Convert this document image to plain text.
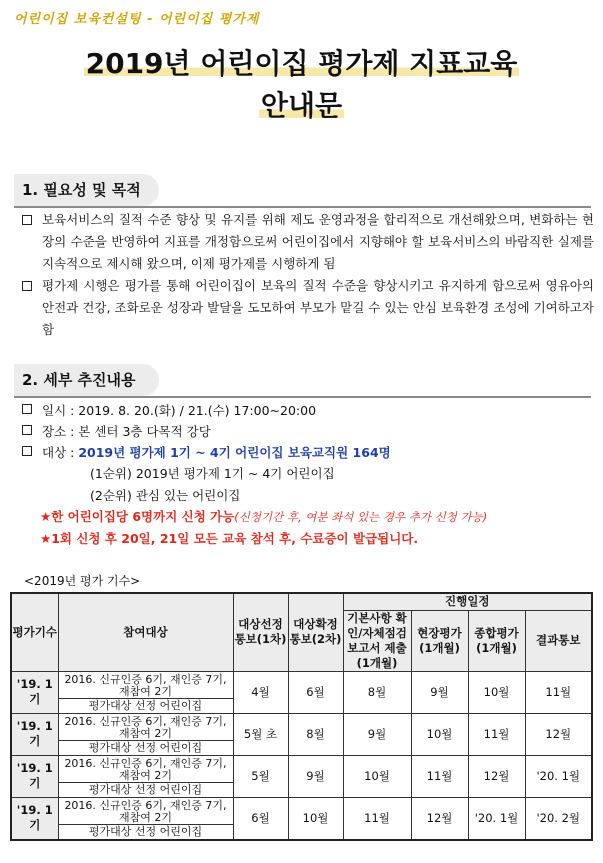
어린이집 보육컨설팅 - 어린이집 평가제
2019년 어린이집 평가제 지표교육
안내문
1. 필요성 및 목적
보육서비스의 질적 수준 향상 및 유지를 위해 제도 운영과정을 합리적으로 개선해왔으며, 변화하는 현장의 수준을 반영하여 지표를 개정함으로써 어린이집에서 지향해야 할 보육서비스의 바람직한 실제를 지속적으로 제시해 왔으며, 이제 평가제를 시행하게 됨
평가제 시행은 평가를 통해 어린이집이 보육의 질적 수준을 향상시키고 유지하게 함으로써 영유아의 안전과 건강, 조화로운 성장과 발달을 도모하여 부모가 맡길 수 있는 안심 보육환경 조성에 기여하고자 함
2. 세부 추진내용
일시 : 2019. 8. 20.(화) / 21.(수) 17:00~20:00
장소 : 본 센터 3층 다목적 강당
대상 : 2019년 평가제 1기 ~ 4기 어린이집 보육교직원 164명
(1순위) 2019년 평가제 1기 ~ 4기 어린이집
(2순위) 관심 있는 어린이집
★한 어린이집당 6명까지 신청 가능(신청기간 후, 여분 좌석 있는 경우 추가 신청 가능)
★1회 신청 후 20일, 21일 모든 교육 참석 후, 수료증이 발급됩니다.
<2019년 평가 기수>
평가기수	참여대상	대상선정 통보(1차)	대상확정 통보(2차)	진행일정			
				기본사항 확인/자체점검보고서 제출(1개월)	현장평가(1개월)	종합평가(1개월)	결과통보
'19. 1기	2016. 신규인증 6기, 재인증 7기, 재참여 2기	4월	6월	8월	9월	10월	11월
	평가대상 선정 어린이집						
'19. 1기	2016. 신규인증 6기, 재인증 7기, 재참여 2기	5월 초	8월	9월	10월	11월	12월
	평가대상 선정 어린이집						
'19. 1기	2016. 신규인증 6기, 재인증 7기, 재참여 2기	5월	9월	10월	11월	12월	'20. 1월
	평가대상 선정 어린이집						
'19. 1기	2016. 신규인증 6기, 재인증 7기, 재참여 2기	6월	10월	11월	12월	'20. 1월	'20. 2월
	평가대상 선정 어린이집						
